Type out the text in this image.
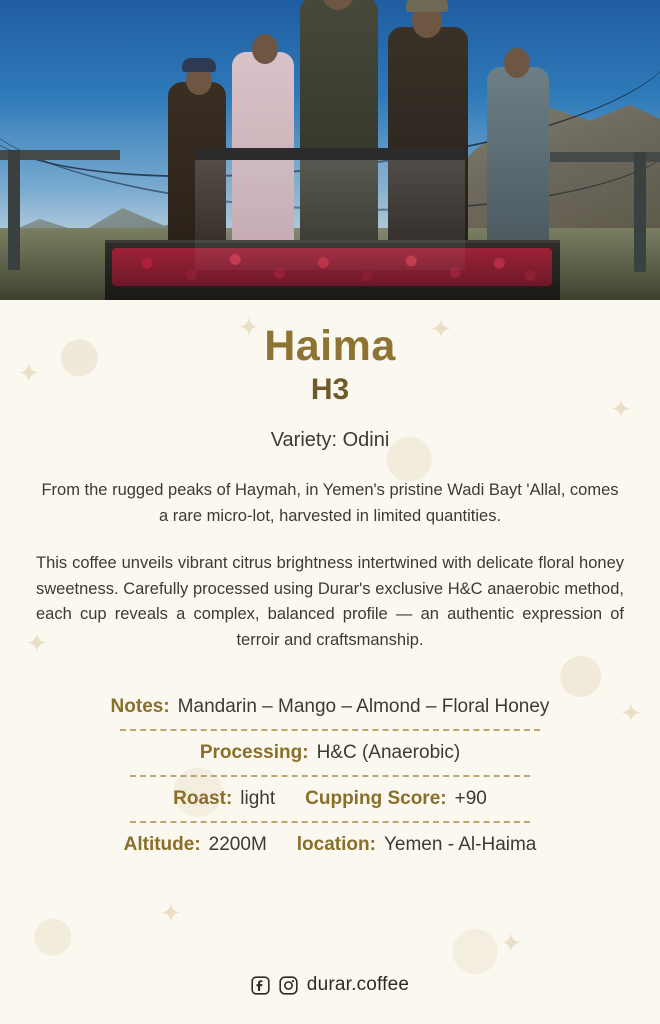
✦
✦	✦
✦
✦
✦
✦
✦
Haima
H3
Variety: Odini

From the rugged peaks of Haymah, in Yemen's pristine Wadi Bayt 'Allal, comes a rare micro-lot, harvested in limited quantities.

This coffee unveils vibrant citrus brightness intertwined with delicate floral honey sweetness. Carefully processed using Durar's exclusive H&C anaerobic method, each cup reveals a complex, balanced profile — an authentic expression of terroir and craftsmanship.

Notes: Mandarin – Mango – Almond – Floral Honey
Processing: H&C (Anaerobic)
Roast: light Cupping Score: +90
Altitude: 2200M location: Yemen - Al-Haima
durar.coffee
